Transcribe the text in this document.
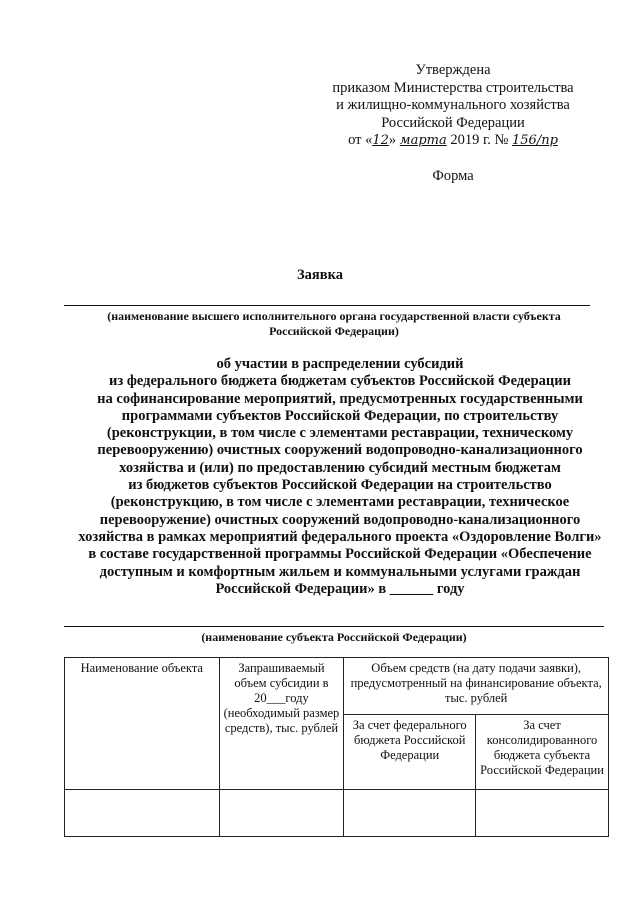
Утверждена
приказом Министерства строительства
и жилищно-коммунального хозяйства
Российской Федерации
от «12» марта 2019 г. № 156/пр
Форма
Заявка
(наименование высшего исполнительного органа государственной власти субъекта
Российской Федерации)
об участии в распределении субсидий
из федерального бюджета бюджетам субъектов Российской Федерации
на софинансирование мероприятий, предусмотренных государственными
программами субъектов Российской Федерации, по строительству
(реконструкции, в том числе с элементами реставрации, техническому
перевооружению) очистных сооружений водопроводно-канализационного
хозяйства и (или) по предоставлению субсидий местным бюджетам
из бюджетов субъектов Российской Федерации на строительство
(реконструкцию, в том числе с элементами реставрации, техническое
перевооружение) очистных сооружений водопроводно-канализационного
хозяйства в рамках мероприятий федерального проекта «Оздоровление Волги»
в составе государственной программы Российской Федерации «Обеспечение
доступным и комфортным жильем и коммунальными услугами граждан
Российской Федерации» в ______ году
(наименование субъекта Российской Федерации)
Наименование объекта	Запрашиваемый объем субсидии в 20___году (необходимый размер средств), тыс. рублей	Объем средств (на дату подачи заявки), предусмотренный на финансирование объекта, тыс. рублей	
		За счет федерального бюджета Российской Федерации	За счет консолидированного бюджета субъекта Российской Федерации
